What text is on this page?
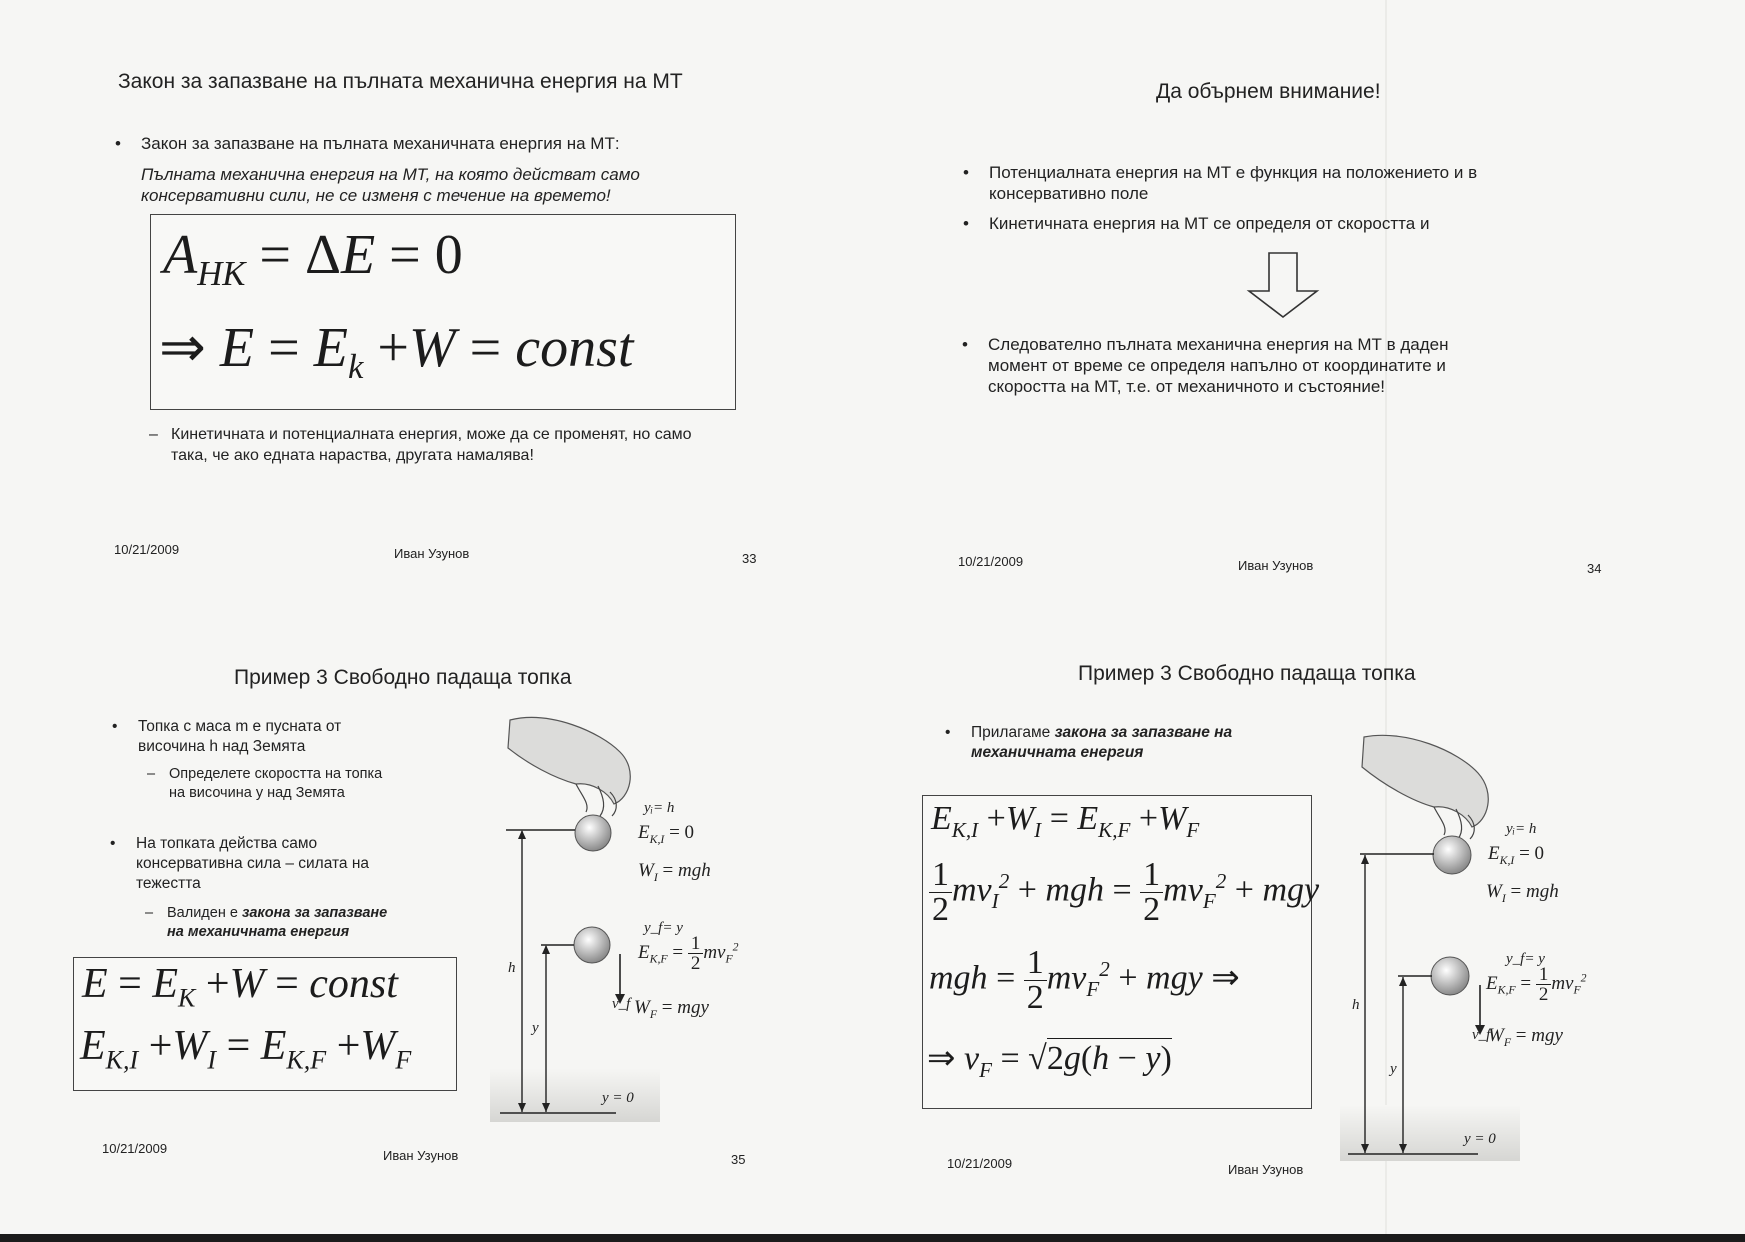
Закон за запазване на пълната механична енергия на МТ
• Закон за запазване на пълната механичната енергия на МТ:
Пълната механична енергия на МТ, на която действат само
консервативни сили, не се изменя с течение на времето!
$A_{НК} = \Delta E = 0$
⇒ $E = E_k +W$ = const
– Кинетичната и потенциалната енергия, може да се променят, но само
така, че ако едната нараства, другата намалява!
10/21/2009	Иван Узунов	33
Да обърнем внимание!
• Потенциалната енергия на МТ е функция на положението и в
консервативно поле
• Кинетичната енергия на МТ се определя от скоростта и
• Следователно пълната механична енергия на МТ в даден
момент от време се определя напълно от координатите и
скоростта на МТ, т.е. от механичното и състояние!
10/21/2009	Иван Узунов	34
Пример 3 Свободно падаща топка
• Топка с маса m е пусната от
височина h над Земята
– Определете скоростта на топка
на височина y над Земята
• На топката действа само
консервативна сила – силата на
тежестта
– Валиден е закона за запазване
на механичната енергия
$E = E_K +W$ = const
$E_{K,I} +W_I = E_{K,F} +W_F$
yᵢ= h
$E_{K,I} = 0$
$W_I$ = mgh
y_f= y
$E_{K,F} = \frac{1}{2} mv_F^2$
v_f $W_F$ = mgy
h
y
y = 0
10/21/2009	Иван Узунов	35
Пример 3 Свободно падаща топка
• Прилагаме закона за запазване на
механичната енергия
$E_{K,I} +W_I = E_{K,F} +W_F$
$\frac{1}{2} mv_I^2$ + mgh = $\frac{1}{2} mv_F^2$ + mgy
mgh = $\frac{1}{2} mv_F^2$ + mgy ⇒
⇒ $v_F = √2g(h - y)$
yᵢ= h
$E_{K,I} = 0$
$W_I$ = mgh
y_f= y
$E_{K,F} = \frac{1}{2} mv_F^2$
v_f
$W_F$ = mgy
h
y
y = 0
10/21/2009	Иван Узунов
